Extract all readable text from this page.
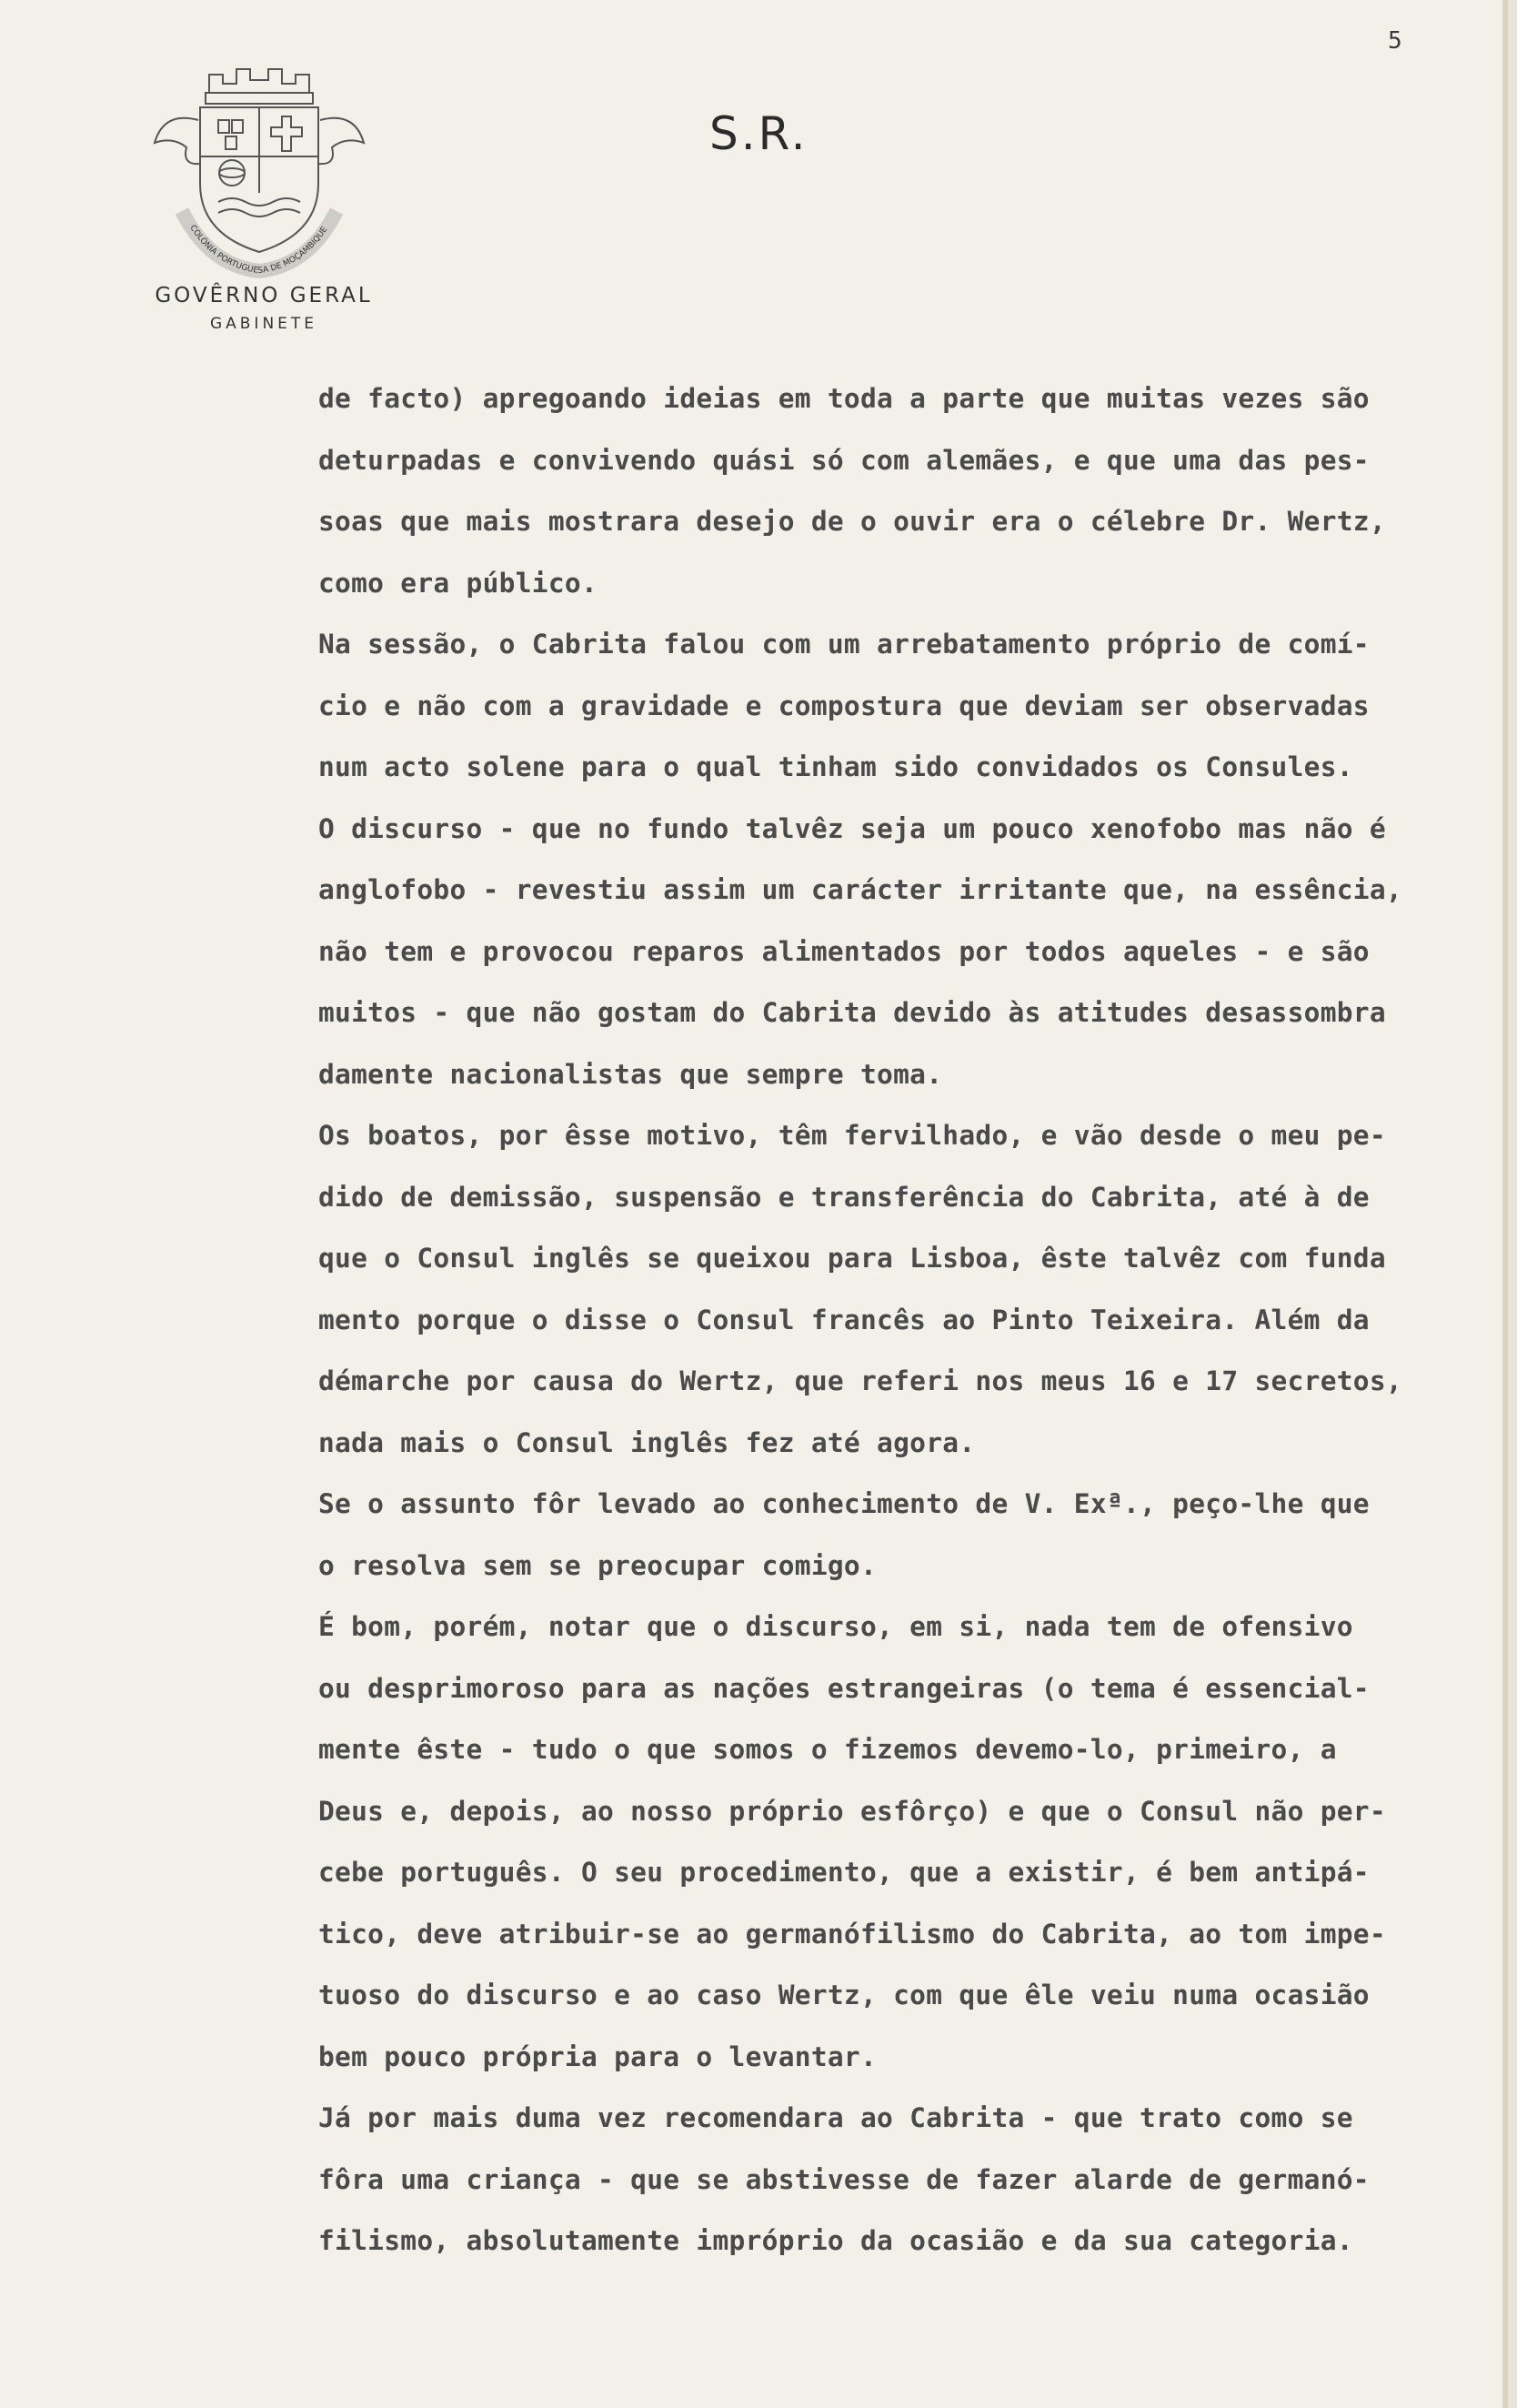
5
COLÓNIA PORTUGUESA DE MOÇAMBIQUE
GOVÊRNO GERAL
GABINETE
S.R.
de facto) apregoando ideias em toda a parte que muitas vezes são
deturpadas e convivendo quási só com alemães, e que uma das pes-
soas que mais mostrara desejo de o ouvir era o célebre Dr. Wertz,
como era público.
Na sessão, o Cabrita falou com um arrebatamento próprio de comí-
cio e não com a gravidade e compostura que deviam ser observadas
num acto solene para o qual tinham sido convidados os Consules.
O discurso - que no fundo talvêz seja um pouco xenofobo mas não é
anglofobo - revestiu assim um carácter irritante que, na essência,
não tem e provocou reparos alimentados por todos aqueles - e são
muitos - que não gostam do Cabrita devido às atitudes desassombra
damente nacionalistas que sempre toma.
Os boatos, por êsse motivo, têm fervilhado, e vão desde o meu pe-
dido de demissão, suspensão e transferência do Cabrita, até à de
que o Consul inglês se queixou para Lisboa, êste talvêz com funda
mento porque o disse o Consul francês ao Pinto Teixeira. Além da
démarche por causa do Wertz, que referi nos meus 16 e 17 secretos,
nada mais o Consul inglês fez até agora.
Se o assunto fôr levado ao conhecimento de V. Exª., peço-lhe que
o resolva sem se preocupar comigo.
É bom, porém, notar que o discurso, em si, nada tem de ofensivo
ou desprimoroso para as nações estrangeiras (o tema é essencial-
mente êste - tudo o que somos o fizemos devemo-lo, primeiro, a
Deus e, depois, ao nosso próprio esfôrço) e que o Consul não per-
cebe português. O seu procedimento, que a existir, é bem antipá-
tico, deve atribuir-se ao germanófilismo do Cabrita, ao tom impe-
tuoso do discurso e ao caso Wertz, com que êle veiu numa ocasião
bem pouco própria para o levantar.
Já por mais duma vez recomendara ao Cabrita - que trato como se
fôra uma criança - que se abstivesse de fazer alarde de germanó-
filismo, absolutamente impróprio da ocasião e da sua categoria.
